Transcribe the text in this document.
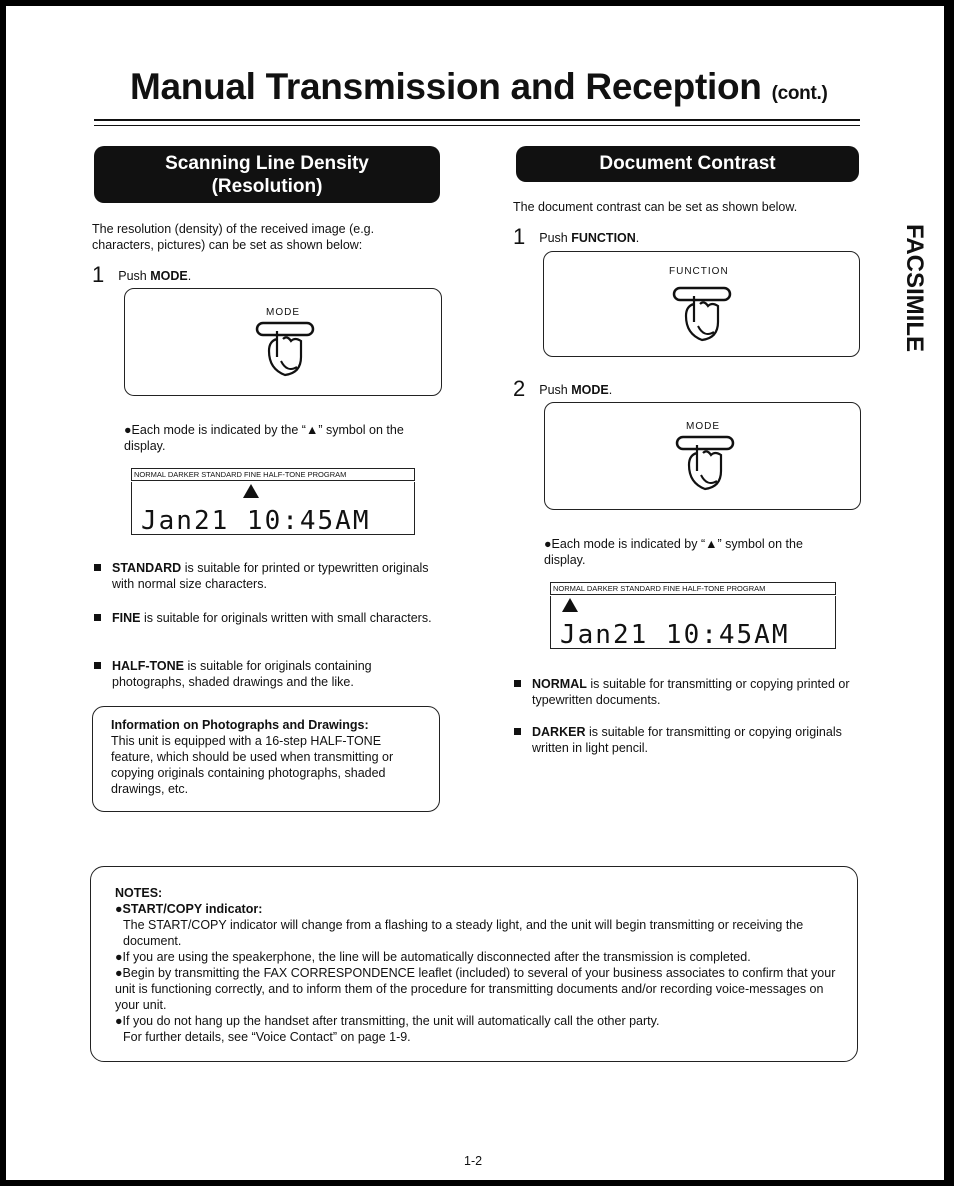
Manual Transmission and Reception (cont.)
FACSIMILE
Scanning Line Density
(Resolution)
The resolution (density) of the received image (e.g. characters, pictures) can be set as shown below:
1 Push MODE.
MODE
●Each mode is indicated by the “▲” symbol on the display.
NORMAL DARKER STANDARD FINE HALF-TONE PROGRAM
Jan21 10:45AM
STANDARD is suitable for printed or typewritten originals with normal size characters.
FINE is suitable for originals written with small characters.
HALF-TONE is suitable for originals containing photographs, shaded drawings and the like.
Information on Photographs and Drawings:
This unit is equipped with a 16-step HALF-TONE feature, which should be used when transmitting or copying originals containing photographs, shaded drawings, etc.
Document Contrast
The document contrast can be set as shown below.
1 Push FUNCTION.
FUNCTION
2 Push MODE.
MODE
●Each mode is indicated by “▲” symbol on the display.
NORMAL DARKER STANDARD FINE HALF-TONE PROGRAM
Jan21 10:45AM
NORMAL is suitable for transmitting or copying printed or typewritten documents.
DARKER is suitable for transmitting or copying originals written in light pencil.
NOTES:
●START/COPY indicator:
The START/COPY indicator will change from a flashing to a steady light, and the unit will begin transmitting or receiving the document.
●If you are using the speakerphone, the line will be automatically disconnected after the transmission is completed.
●Begin by transmitting the FAX CORRESPONDENCE leaflet (included) to several of your business associates to confirm that your unit is functioning correctly, and to inform them of the procedure for transmitting documents and/or recording voice-messages on your unit.
●If you do not hang up the handset after transmitting, the unit will automatically call the other party.
For further details, see “Voice Contact” on page 1-9.
1-2
